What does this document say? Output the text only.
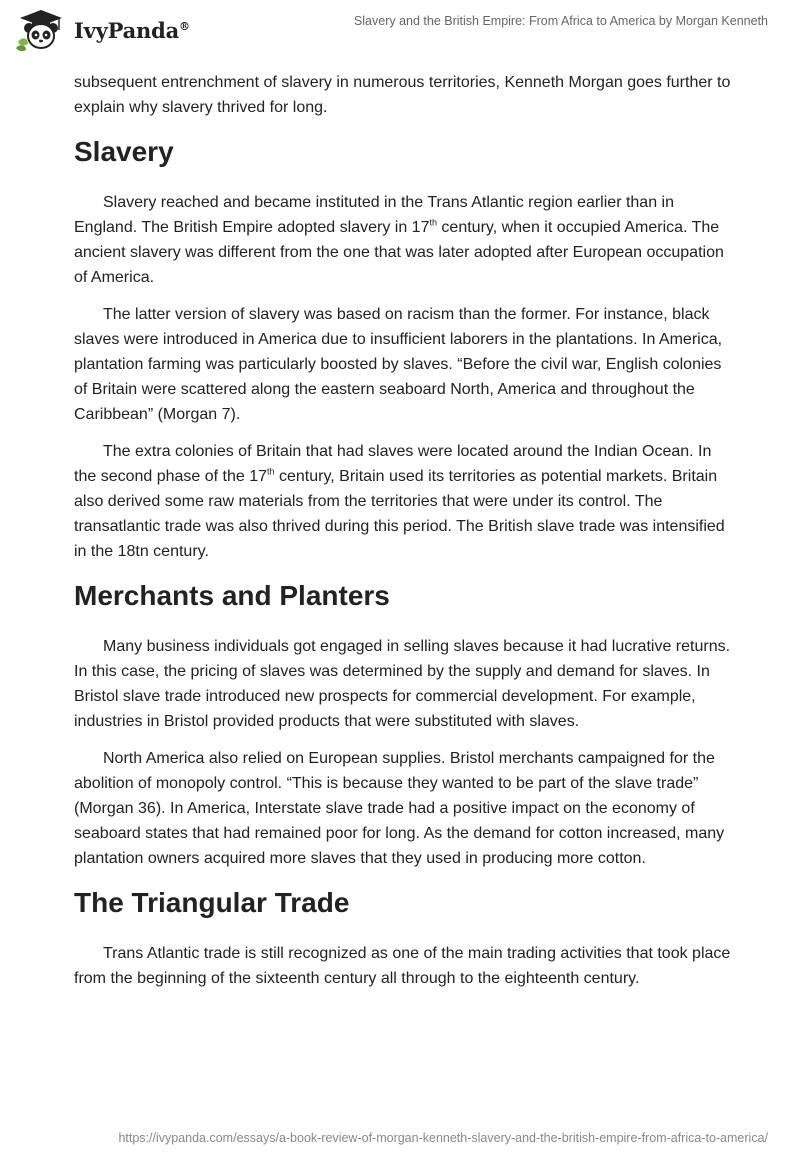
IvyPanda®	Slavery and the British Empire: From Africa to America by Morgan Kenneth

subsequent entrenchment of slavery in numerous territories, Kenneth Morgan goes further to explain why slavery thrived for long.

Slavery

Slavery reached and became instituted in the Trans Atlantic region earlier than in England. The British Empire adopted slavery in 17th century, when it occupied America. The ancient slavery was different from the one that was later adopted after European occupation of America.

The latter version of slavery was based on racism than the former. For instance, black slaves were introduced in America due to insufficient laborers in the plantations. In America, plantation farming was particularly boosted by slaves. “Before the civil war, English colonies of Britain were scattered along the eastern seaboard North, America and throughout the Caribbean” (Morgan 7).

The extra colonies of Britain that had slaves were located around the Indian Ocean. In the second phase of the 17th century, Britain used its territories as potential markets. Britain also derived some raw materials from the territories that were under its control. The transatlantic trade was also thrived during this period. The British slave trade was intensified in the 18tn century.

Merchants and Planters

Many business individuals got engaged in selling slaves because it had lucrative returns. In this case, the pricing of slaves was determined by the supply and demand for slaves. In Bristol slave trade introduced new prospects for commercial development. For example, industries in Bristol provided products that were substituted with slaves.

North America also relied on European supplies. Bristol merchants campaigned for the abolition of monopoly control. “This is because they wanted to be part of the slave trade” (Morgan 36). In America, Interstate slave trade had a positive impact on the economy of seaboard states that had remained poor for long. As the demand for cotton increased, many plantation owners acquired more slaves that they used in producing more cotton.

The Triangular Trade

Trans Atlantic trade is still recognized as one of the main trading activities that took place from the beginning of the sixteenth century all through to the eighteenth century.

https://ivypanda.com/essays/a-book-review-of-morgan-kenneth-slavery-and-the-british-empire-from-africa-to-america/
